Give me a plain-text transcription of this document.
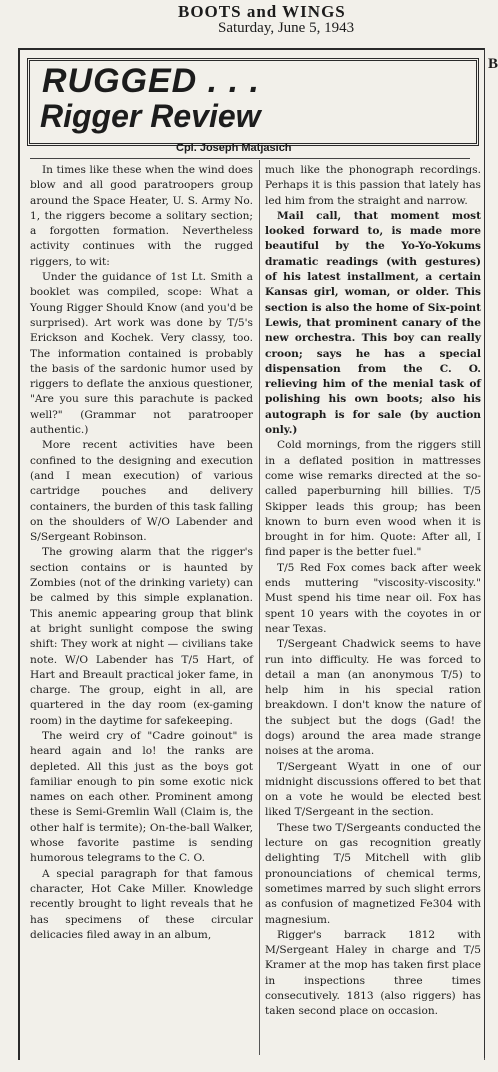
BOOTS and WINGS
Saturday, June 5, 1943
B
RUGGED . . .
Rigger Review
Cpl. Joseph Matjasich

In times like these when the wind does blow and all good paratroopers group around the Space Heater, U. S. Army No. 1, the riggers become a solitary section; a forgotten formation. Nevertheless activity continues with the rugged riggers, to wit:

Under the guidance of 1st Lt. Smith a booklet was compiled, scope: What a Young Rigger Should Know (and you'd be surprised). Art work was done by T/5's Erickson and Kochek. Very classy, too. The information contained is probably the basis of the sardonic humor used by riggers to deflate the anxious questioner, "Are you sure this parachute is packed well?" (Grammar not paratrooper authentic.)

More recent activities have been confined to the designing and execution (and I mean execution) of various cartridge pouches and delivery containers, the burden of this task falling on the shoulders of W/O Labender and S/Sergeant Robinson.

The growing alarm that the rigger's section contains or is haunted by Zombies (not of the drinking variety) can be calmed by this simple explanation. This anemic appearing group that blink at bright sunlight compose the swing shift: They work at night — civilians take note. W/O Labender has T/5 Hart, of Hart and Breault practical joker fame, in charge. The group, eight in all, are quartered in the day room (ex-gaming room) in the daytime for safekeeping.

The weird cry of "Cadre goinout" is heard again and lo! the ranks are depleted. All this just as the boys got familiar enough to pin some exotic nick names on each other. Prominent among these is Semi-Gremlin Wall (Claim is, the other half is termite); On-the-ball Walker, whose favorite pastime is sending humorous telegrams to the C. O.

A special paragraph for that famous character, Hot Cake Miller. Knowledge recently brought to light reveals that he has specimens of these circular delicacies filed away in an album,

much like the phonograph recordings. Perhaps it is this passion that lately has led him from the straight and narrow.

Mail call, that moment most looked forward to, is made more beautiful by the Yo-Yo-Yokums dramatic readings (with gestures) of his latest installment, a certain Kansas girl, woman, or older. This section is also the home of Six-point Lewis, that prominent canary of the new orchestra. This boy can really croon; says he has a special dispensation from the C. O. relieving him of the menial task of polishing his own boots; also his autograph is for sale (by auction only.)

Cold mornings, from the riggers still in a deflated position in mattresses come wise remarks directed at the so-called paperburning hill billies. T/5 Skipper leads this group; has been known to burn even wood when it is brought in for him. Quote: After all, I find paper is the better fuel."

T/5 Red Fox comes back after week ends muttering "viscosity-viscosity." Must spend his time near oil. Fox has spent 10 years with the coyotes in or near Texas.

T/Sergeant Chadwick seems to have run into difficulty. He was forced to detail a man (an anonymous T/5) to help him in his special ration breakdown. I don't know the nature of the subject but the dogs (Gad! the dogs) around the area made strange noises at the aroma.

T/Sergeant Wyatt in one of our midnight discussions offered to bet that on a vote he would be elected best liked T/Sergeant in the section.

These two T/Sergeants conducted the lecture on gas recognition greatly delighting T/5 Mitchell with glib pronounciations of chemical terms, sometimes marred by such slight errors as confusion of magnetized Fe304 with magnesium.

Rigger's barrack 1812 with M/Sergeant Haley in charge and T/5 Kramer at the mop has taken first place in inspections three times consecutively. 1813 (also riggers) has taken second place on occasion.
